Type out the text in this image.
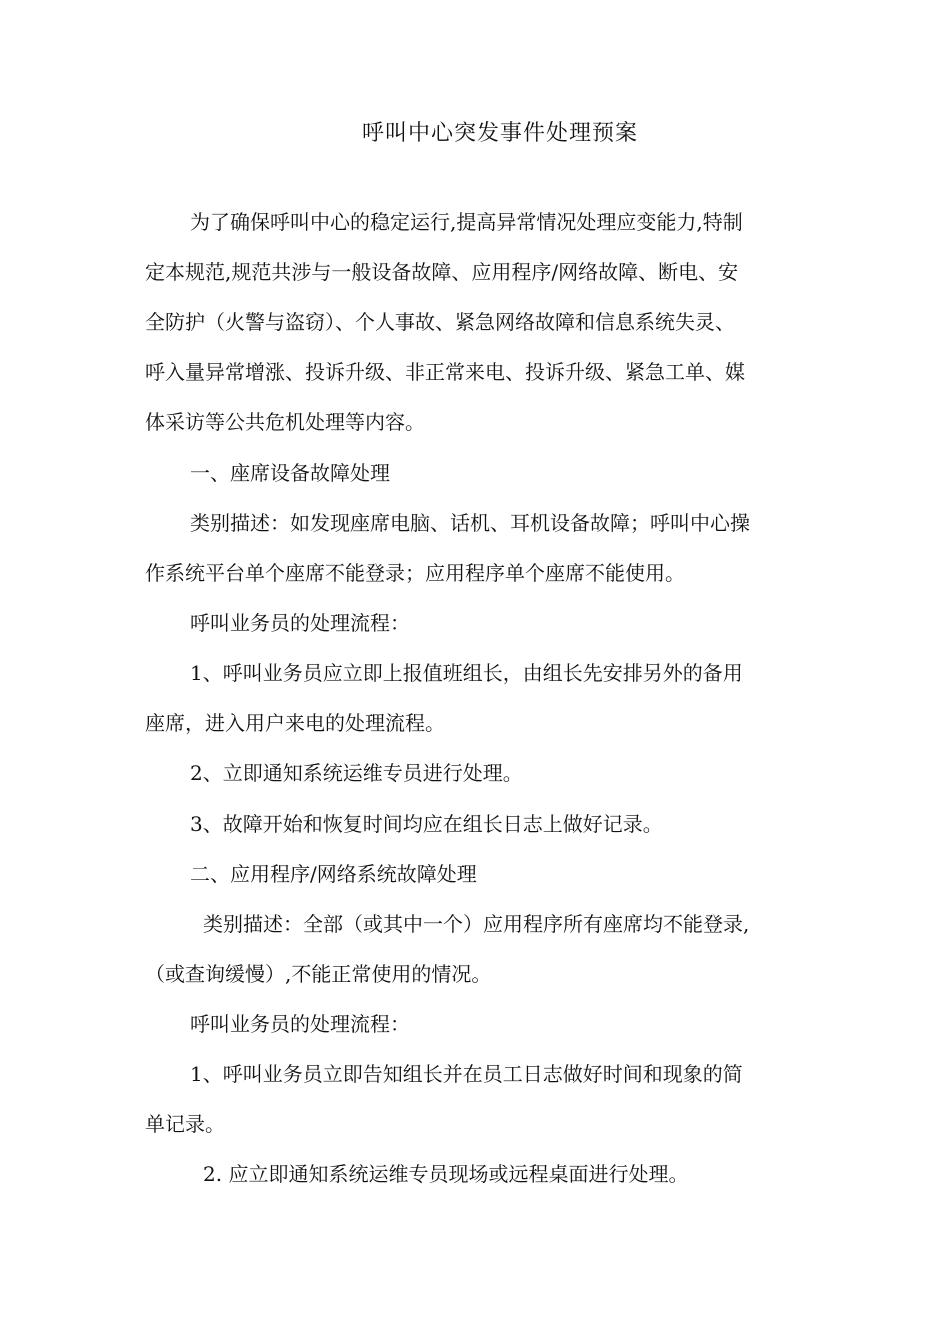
呼叫中心突发事件处理预案
为了确保呼叫中心的稳定运行,提高异常情况处理应变能力,特制
定本规范,规范共涉与一般设备故障、应用程序/网络故障、断电、安
全防护（火警与盗窃）、个人事故、紧急网络故障和信息系统失灵、
呼入量异常增涨、投诉升级、非正常来电、投诉升级、紧急工单、媒
体采访等公共危机处理等内容。
一、座席设备故障处理
类别描述：如发现座席电脑、话机、耳机设备故障；呼叫中心操
作系统平台单个座席不能登录；应用程序单个座席不能使用。
呼叫业务员的处理流程：
1、呼叫业务员应立即上报值班组长，由组长先安排另外的备用
座席，进入用户来电的处理流程。
2、立即通知系统运维专员进行处理。
3、故障开始和恢复时间均应在组长日志上做好记录。
二、应用程序/网络系统故障处理
类别描述：全部（或其中一个）应用程序所有座席均不能登录,
（或查询缓慢）,不能正常使用的情况。
呼叫业务员的处理流程：
1、呼叫业务员立即告知组长并在员工日志做好时间和现象的简
单记录。
2. 应立即通知系统运维专员现场或远程桌面进行处理。
